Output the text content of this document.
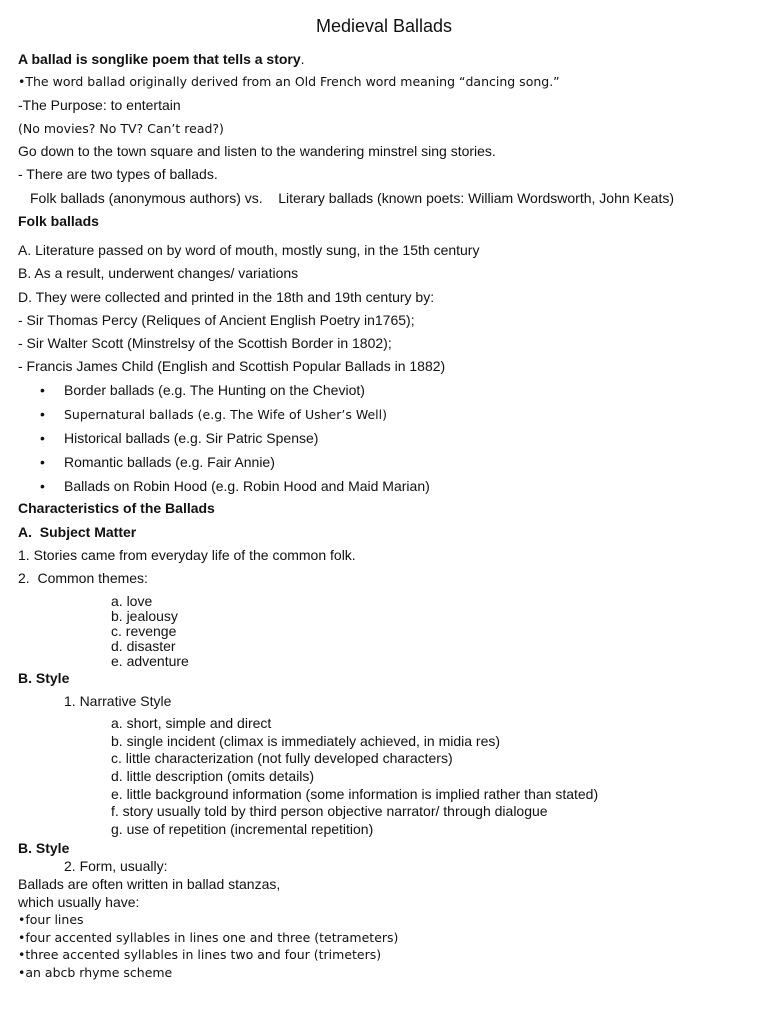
Medieval Ballads
A ballad is songlike poem that tells a story.
•The word ballad originally derived from an Old French word meaning “dancing song.”
-The Purpose: to entertain
(No movies? No TV? Can’t read?)
Go down to the town square and listen to the wandering minstrel sing stories.
- There are two types of ballads.
Folk ballads (anonymous authors) vs.    Literary ballads (known poets: William Wordsworth, John Keats)
Folk ballads
A. Literature passed on by word of mouth, mostly sung, in the 15th century
B. As a result, underwent changes/ variations
D. They were collected and printed in the 18th and 19th century by:
- Sir Thomas Percy (Reliques of Ancient English Poetry in1765);
- Sir Walter Scott (Minstrelsy of the Scottish Border in 1802);
- Francis James Child (English and Scottish Popular Ballads in 1882)
• Border ballads (e.g. The Hunting on the Cheviot)
• Supernatural ballads (e.g. The Wife of Usher’s Well)
• Historical ballads (e.g. Sir Patric Spense)
• Romantic ballads (e.g. Fair Annie)
• Ballads on Robin Hood (e.g. Robin Hood and Maid Marian)
Characteristics of the Ballads
A.  Subject Matter
1. Stories came from everyday life of the common folk.
2.  Common themes:
a. love
b. jealousy
c. revenge
d. disaster
e. adventure
B. Style
1. Narrative Style
a. short, simple and direct
b. single incident (climax is immediately achieved, in midia res)
c. little characterization (not fully developed characters)
d. little description (omits details)
e. little background information (some information is implied rather than stated)
f. story usually told by third person objective narrator/ through dialogue
g. use of repetition (incremental repetition)
B. Style
2. Form, usually:
Ballads are often written in ballad stanzas,
which usually have:
•four lines
•four accented syllables in lines one and three (tetrameters)
•three accented syllables in lines two and four (trimeters)
•an abcb rhyme scheme
